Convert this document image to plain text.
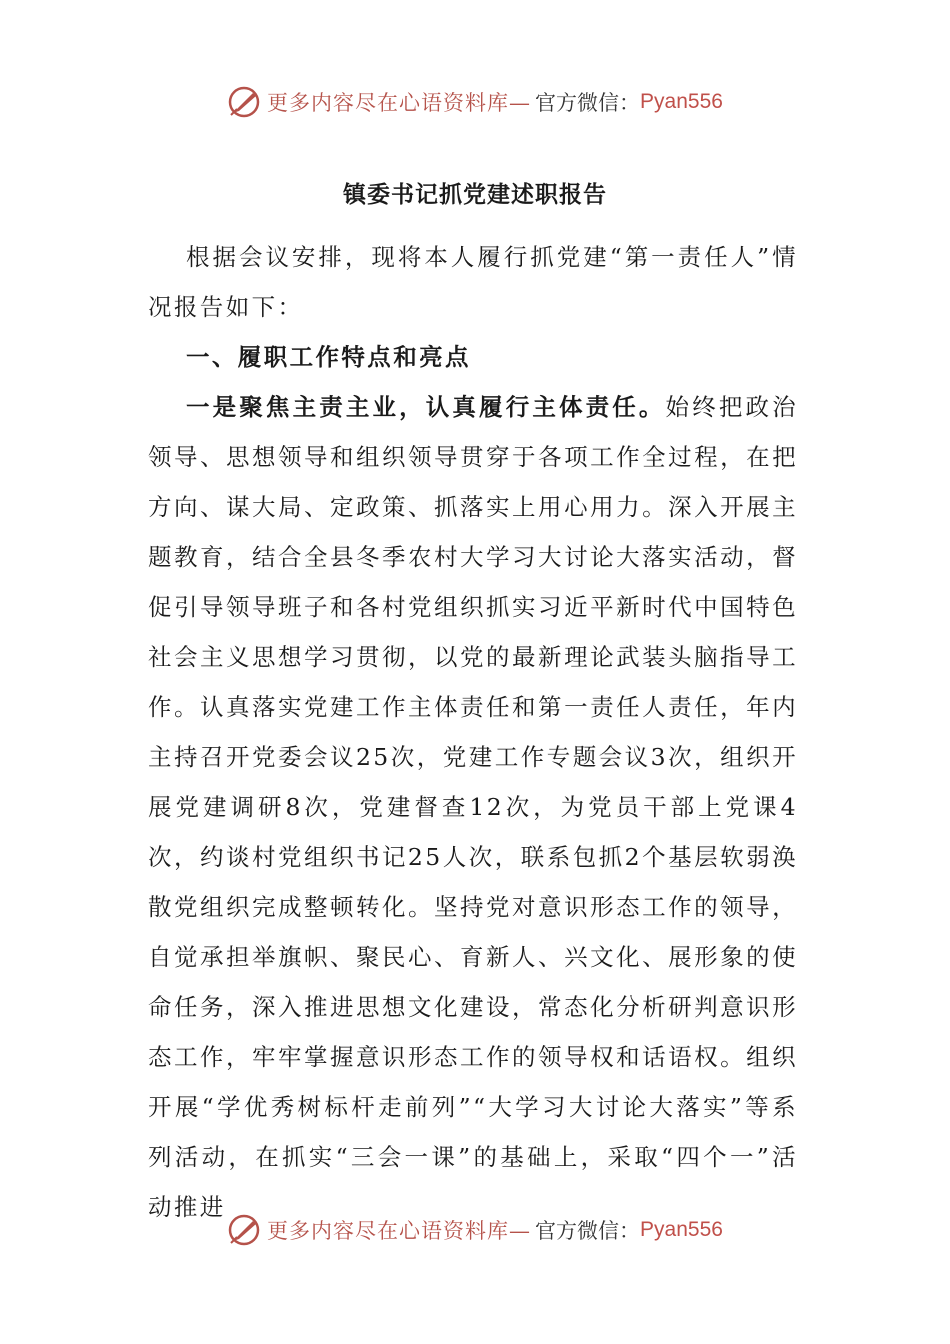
更多内容尽在心语资料库— 官方微信： Pyan556
镇委书记抓党建述职报告

根据会议安排，现将本人履行抓党建“第一责任人”情况报告如下：

一、履职工作特点和亮点

一是聚焦主责主业，认真履行主体责任。始终把政治领导、思想领导和组织领导贯穿于各项工作全过程，在把方向、谋大局、定政策、抓落实上用心用力。深入开展主题教育，结合全县冬季农村大学习大讨论大落实活动，督促引导领导班子和各村党组织抓实习近平新时代中国特色社会主义思想学习贯彻，以党的最新理论武装头脑指导工作。认真落实党建工作主体责任和第一责任人责任，年内主持召开党委会议25次，党建工作专题会议3次，组织开展党建调研8次，党建督查12次，为党员干部上党课4次，约谈村党组织书记25人次，联系包抓2个基层软弱涣散党组织完成整顿转化。坚持党对意识形态工作的领导，自觉承担举旗帜、聚民心、育新人、兴文化、展形象的使命任务，深入推进思想文化建设，常态化分析研判意识形态工作，牢牢掌握意识形态工作的领导权和话语权。组织开展“学优秀树标杆走前列”“大学习大讨论大落实”等系列活动，在抓实“三会一课”的基础上，采取“四个一”活动推进

更多内容尽在心语资料库— 官方微信： Pyan556
